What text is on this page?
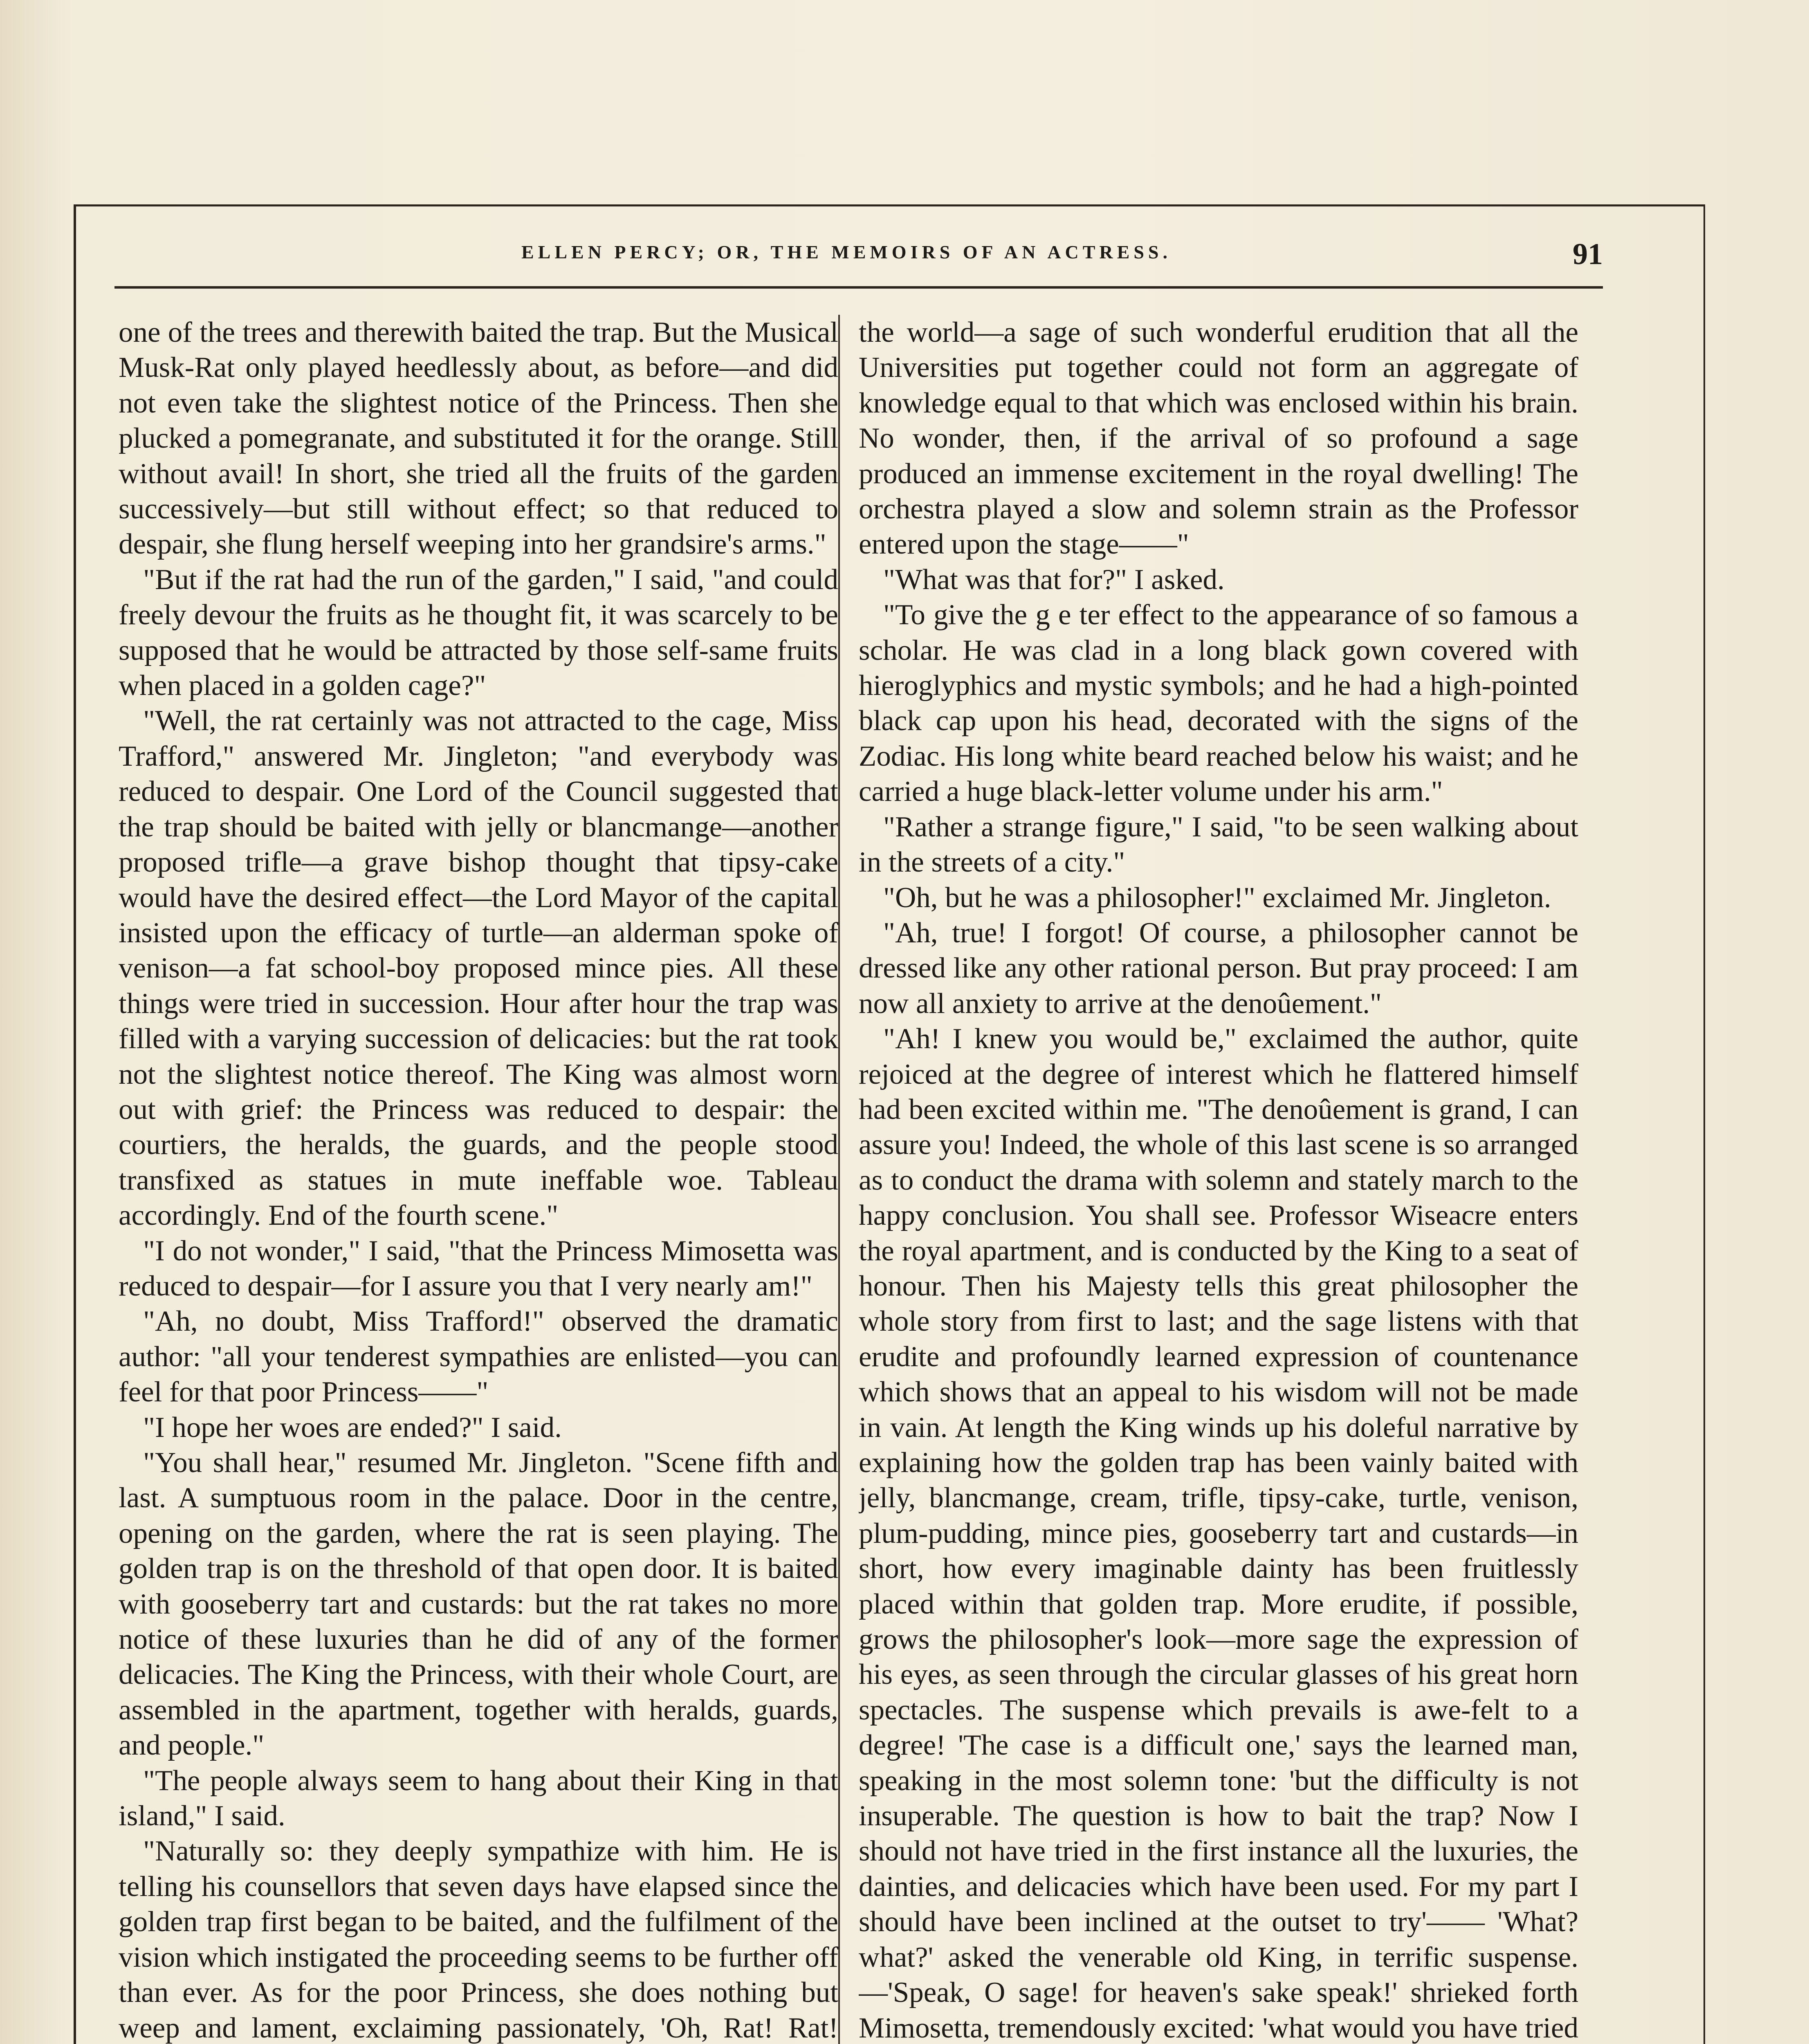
ELLEN PERCY; OR, THE MEMOIRS OF AN ACTRESS.	91

one of the trees and therewith baited the trap. But the Musical Musk-Rat only played heedlessly about, as before—and did not even take the slightest notice of the Princess. Then she plucked a pomegranate, and substituted it for the orange. Still without avail! In short, she tried all the fruits of the garden successively—but still without effect; so that reduced to despair, she flung herself weeping into her grandsire's arms."

"But if the rat had the run of the garden," I said, "and could freely devour the fruits as he thought fit, it was scarcely to be supposed that he would be attracted by those self-same fruits when placed in a golden cage?"

"Well, the rat certainly was not attracted to the cage, Miss Trafford," answered Mr. Jingleton; "and everybody was reduced to despair. One Lord of the Council suggested that the trap should be baited with jelly or blancmange—another proposed trifle—a grave bishop thought that tipsy-cake would have the desired effect—the Lord Mayor of the capital insisted upon the efficacy of turtle—an alderman spoke of venison—a fat school-boy proposed mince pies. All these things were tried in succession. Hour after hour the trap was filled with a varying succession of delicacies: but the rat took not the slightest notice thereof. The King was almost worn out with grief: the Princess was reduced to despair: the courtiers, the heralds, the guards, and the people stood transfixed as statues in mute ineffable woe. Tableau accordingly. End of the fourth scene."

"I do not wonder," I said, "that the Princess Mimosetta was reduced to despair—for I assure you that I very nearly am!"

"Ah, no doubt, Miss Trafford!" observed the dramatic author: "all your tenderest sympathies are enlisted—you can feel for that poor Princess——"

"I hope her woes are ended?" I said.

"You shall hear," resumed Mr. Jingleton. "Scene fifth and last. A sumptuous room in the palace. Door in the centre, opening on the garden, where the rat is seen playing. The golden trap is on the threshold of that open door. It is baited with gooseberry tart and custards: but the rat takes no more notice of these luxuries than he did of any of the former delicacies. The King the Princess, with their whole Court, are assembled in the apartment, together with heralds, guards, and people."

"The people always seem to hang about their King in that island," I said.

"Naturally so: they deeply sympathize with him. He is telling his counsellors that seven days have elapsed since the golden trap first began to be baited, and the fulfilment of the vision which instigated the proceeding seems to be further off than ever. As for the poor Princess, she does nothing but weep and lament, exclaiming passionately, 'Oh, Rat! Rat!

the world—a sage of such wonderful erudition that all the Universities put together could not form an aggregate of knowledge equal to that which was enclosed within his brain. No wonder, then, if the arrival of so profound a sage produced an immense excitement in the royal dwelling! The orchestra played a slow and solemn strain as the Professor entered upon the stage——"

"What was that for?" I asked.

"To give the g e ter effect to the appearance of so famous a scholar. He was clad in a long black gown covered with hieroglyphics and mystic symbols; and he had a high-pointed black cap upon his head, decorated with the signs of the Zodiac. His long white beard reached below his waist; and he carried a huge black-letter volume under his arm."

"Rather a strange figure," I said, "to be seen walking about in the streets of a city."

"Oh, but he was a philosopher!" exclaimed Mr. Jingleton.

"Ah, true! I forgot! Of course, a philosopher cannot be dressed like any other rational person. But pray proceed: I am now all anxiety to arrive at the denoûement."

"Ah! I knew you would be," exclaimed the author, quite rejoiced at the degree of interest which he flattered himself had been excited within me. "The denoûement is grand, I can assure you! Indeed, the whole of this last scene is so arranged as to conduct the drama with solemn and stately march to the happy conclusion. You shall see. Professor Wiseacre enters the royal apartment, and is conducted by the King to a seat of honour. Then his Majesty tells this great philosopher the whole story from first to last; and the sage listens with that erudite and profoundly learned expression of countenance which shows that an appeal to his wisdom will not be made in vain. At length the King winds up his doleful narrative by explaining how the golden trap has been vainly baited with jelly, blancmange, cream, trifle, tipsy-cake, turtle, venison, plum-pudding, mince pies, gooseberry tart and custards—in short, how every imaginable dainty has been fruitlessly placed within that golden trap. More erudite, if possible, grows the philosopher's look—more sage the expression of his eyes, as seen through the circular glasses of his great horn spectacles. The suspense which prevails is awe-felt to a degree! 'The case is a difficult one,' says the learned man, speaking in the most solemn tone: 'but the difficulty is not insuperable. The question is how to bait the trap? Now I should not have tried in the first instance all the luxuries, the dainties, and delicacies which have been used. For my part I should have been inclined at the outset to try'—— 'What? what?' asked the venerable old King, in terrific suspense.—'Speak, O sage! for heaven's sake speak!' shrieked forth Mimosetta, tremendously excited: 'what would you have tried
